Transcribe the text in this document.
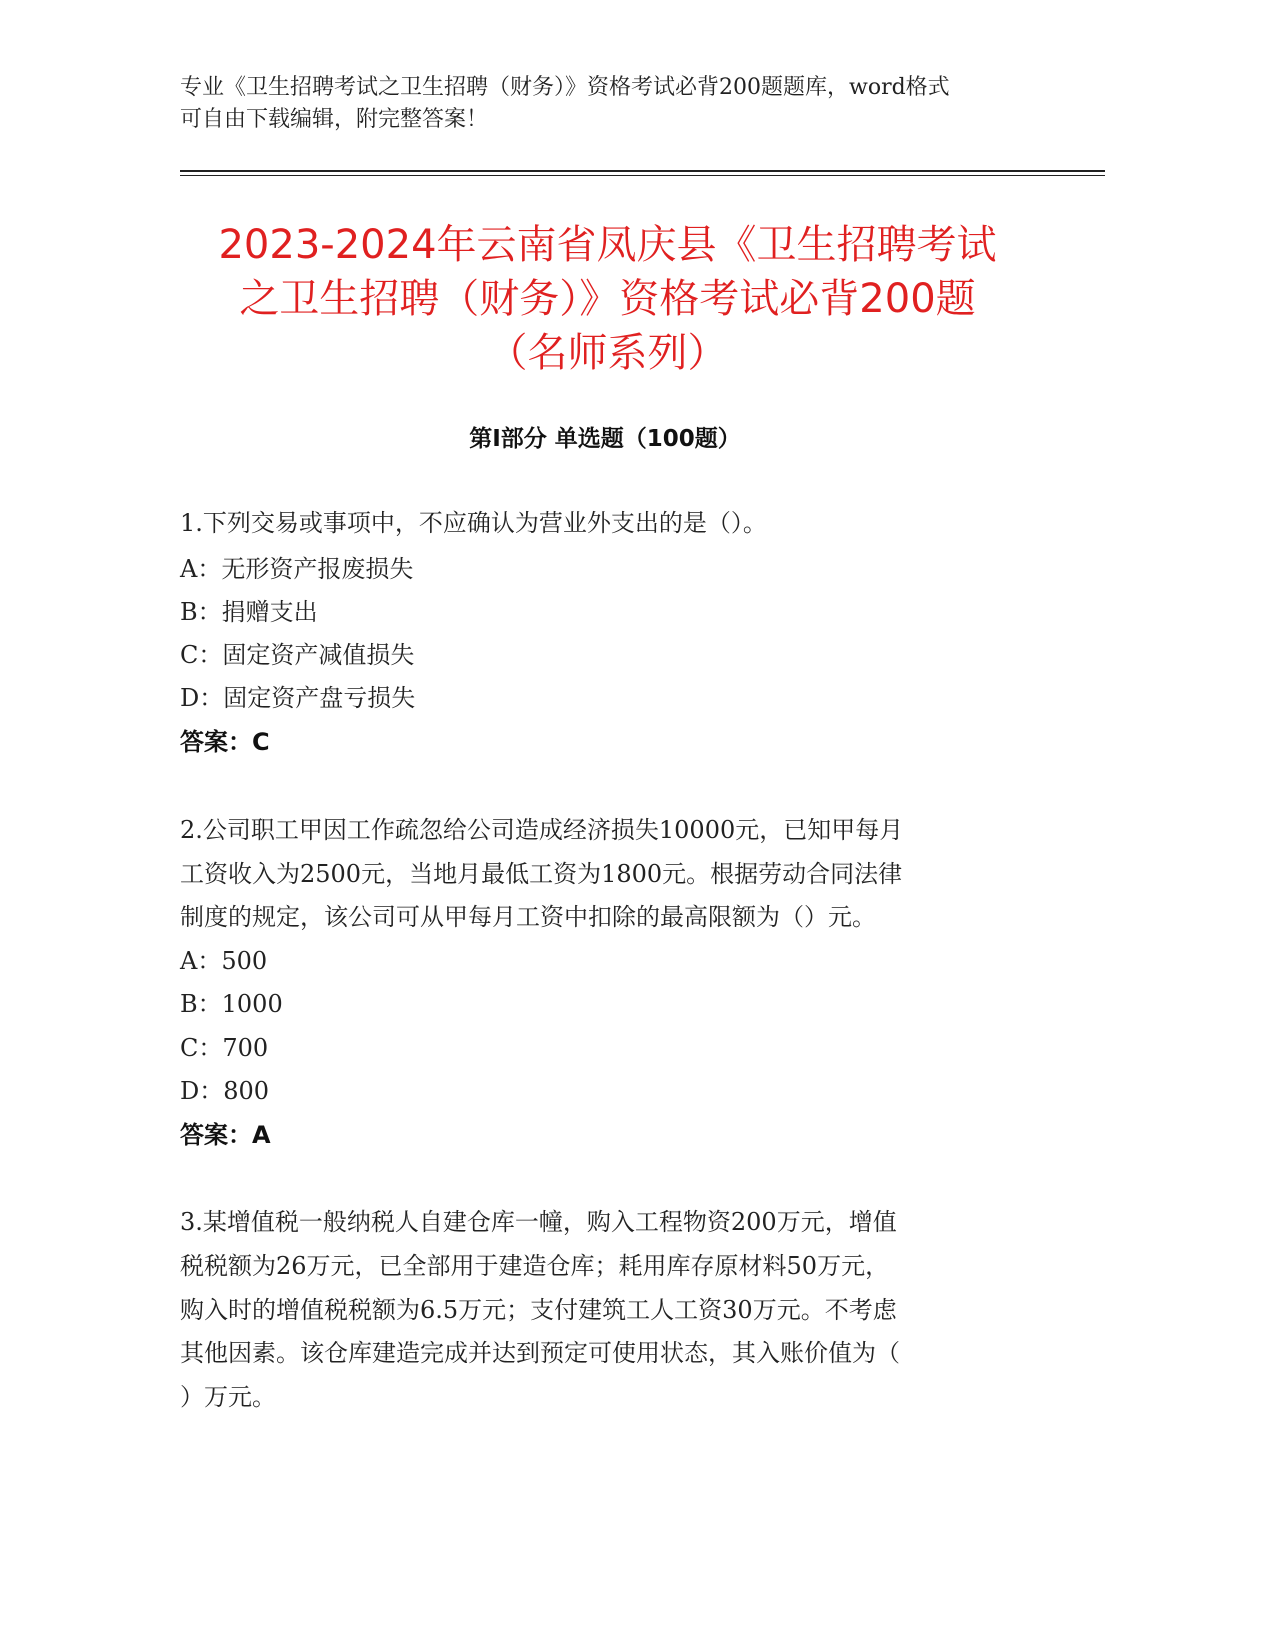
专业《卫生招聘考试之卫生招聘（财务）》资格考试必背200题题库，word格式
可自由下载编辑，附完整答案！
2023-2024年云南省凤庆县《卫生招聘考试
之卫生招聘（财务）》资格考试必背200题
（名师系列）
第Ⅰ部分 单选题（100题）
1.下列交易或事项中，不应确认为营业外支出的是（）。
A：无形资产报废损失
B：捐赠支出
C：固定资产减值损失
D：固定资产盘亏损失
答案：C
2.公司职工甲因工作疏忽给公司造成经济损失10000元，已知甲每月
工资收入为2500元，当地月最低工资为1800元。根据劳动合同法律
制度的规定，该公司可从甲每月工资中扣除的最高限额为（）元。
A：500
B：1000
C：700
D：800
答案：A
3.某增值税一般纳税人自建仓库一幢，购入工程物资200万元，增值
税税额为26万元，已全部用于建造仓库；耗用库存原材料50万元，
购入时的增值税税额为6.5万元；支付建筑工人工资30万元。不考虑
其他因素。该仓库建造完成并达到预定可使用状态，其入账价值为（
）万元。
